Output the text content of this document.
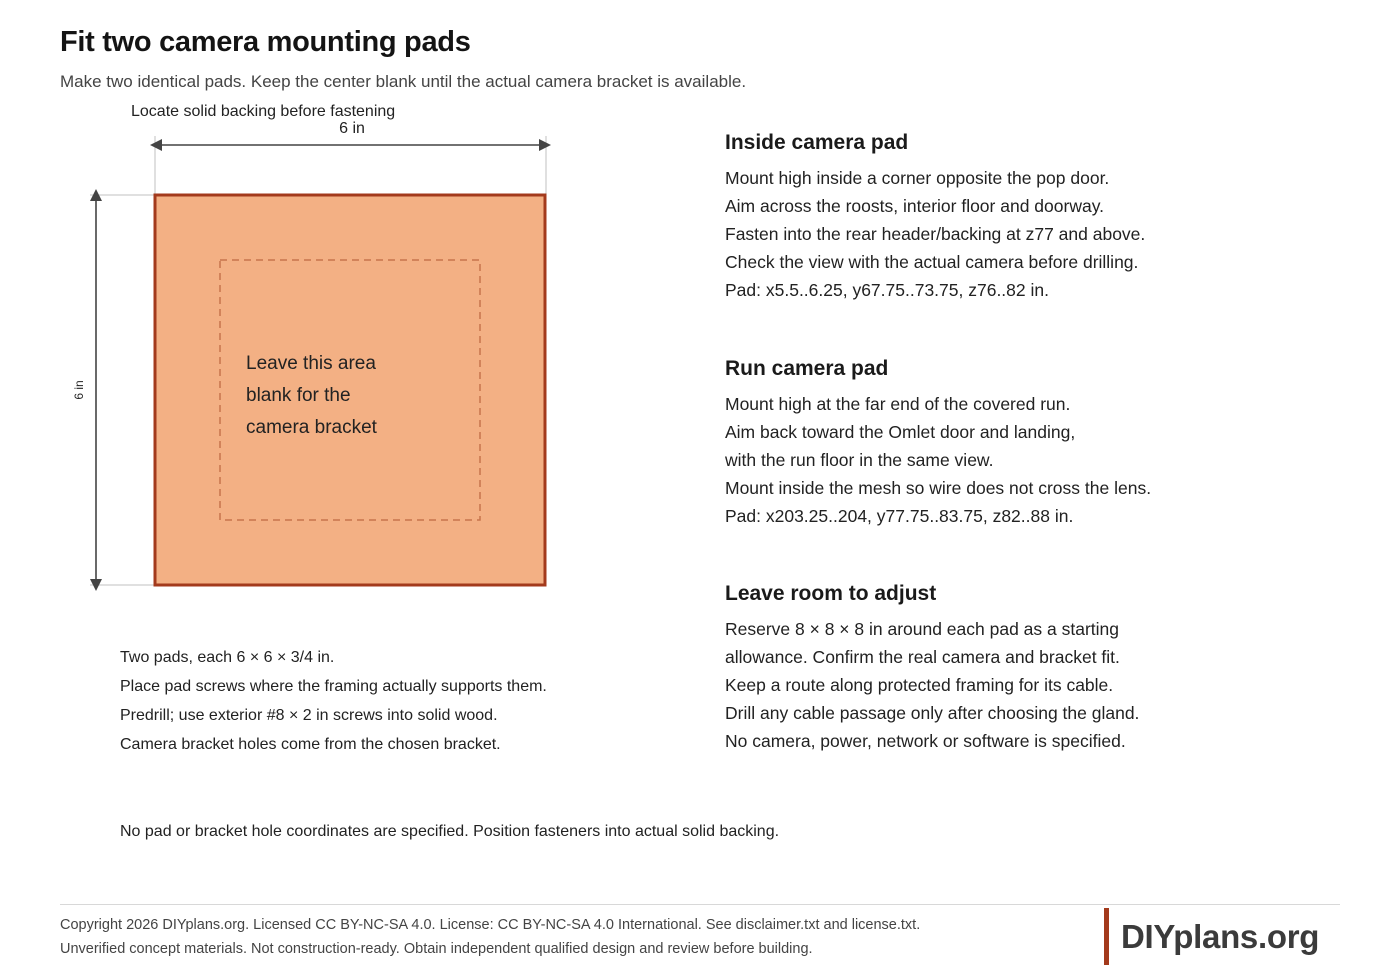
Fit two camera mounting pads
Make two identical pads. Keep the center blank until the actual camera bracket is available.
6 in
6 in
Leave this area
blank for the
camera bracket
Locate solid backing before fastening
Two pads, each 6 × 6 × 3/4 in.
Place pad screws where the framing actually supports them.
Predrill; use exterior #8 × 2 in screws into solid wood.
Camera bracket holes come from the chosen bracket.
No pad or bracket hole coordinates are specified. Position fasteners into actual solid backing.
Inside camera pad
Mount high inside a corner opposite the pop door.
Aim across the roosts, interior floor and doorway.
Fasten into the rear header/backing at z77 and above.
Check the view with the actual camera before drilling.
Pad: x5.5..6.25, y67.75..73.75, z76..82 in.
Run camera pad
Mount high at the far end of the covered run.
Aim back toward the Omlet door and landing,
with the run floor in the same view.
Mount inside the mesh so wire does not cross the lens.
Pad: x203.25..204, y77.75..83.75, z82..88 in.
Leave room to adjust
Reserve 8 × 8 × 8 in around each pad as a starting
allowance. Confirm the real camera and bracket fit.
Keep a route along protected framing for its cable.
Drill any cable passage only after choosing the gland.
No camera, power, network or software is specified.
Copyright 2026 DIYplans.org. Licensed CC BY-NC-SA 4.0. License: CC BY-NC-SA 4.0 International. See disclaimer.txt and license.txt.
Unverified concept materials. Not construction-ready. Obtain independent qualified design and review before building.	DIYplans.org
